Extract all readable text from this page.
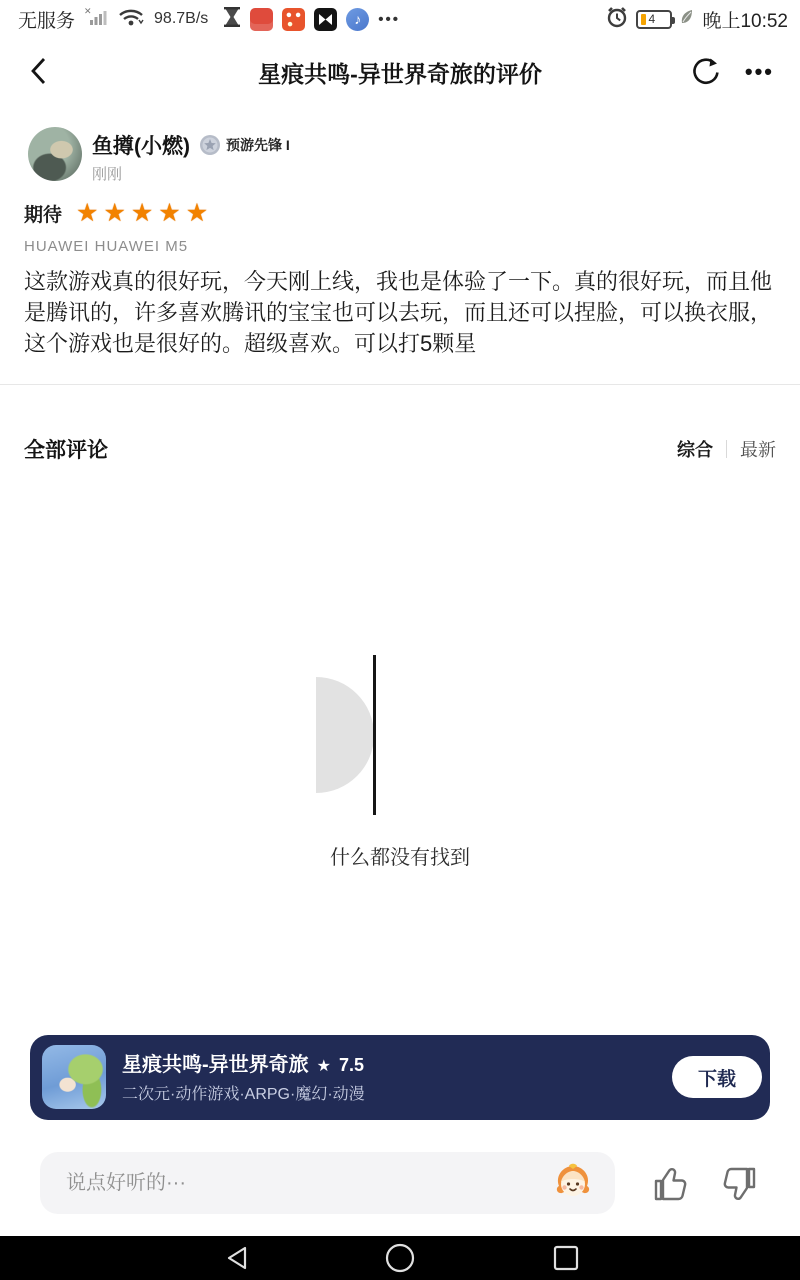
无服务 ✕	98.7B/s	♪	•••	4 晚上10:52
星痕共鸣-异世界奇旅的评价	•••
鱼撙(小燃)	预游先锋 I
刚刚
期待 ★ ★ ★ ★ ★
HUAWEI HUAWEI M5
这款游戏真的很好玩，今天刚上线，我也是体验了一下。真的很好玩，而且他是腾讯的，许多喜欢腾讯的宝宝也可以去玩，而且还可以捏脸，可以换衣服，这个游戏也是很好的。超级喜欢。可以打5颗星
全部评论	综合 最新
什么都没有找到
星痕共鸣-异世界奇旅 ★ 7.5
二次元·动作游戏·ARPG·魔幻·动漫
下载
说点好听的···
